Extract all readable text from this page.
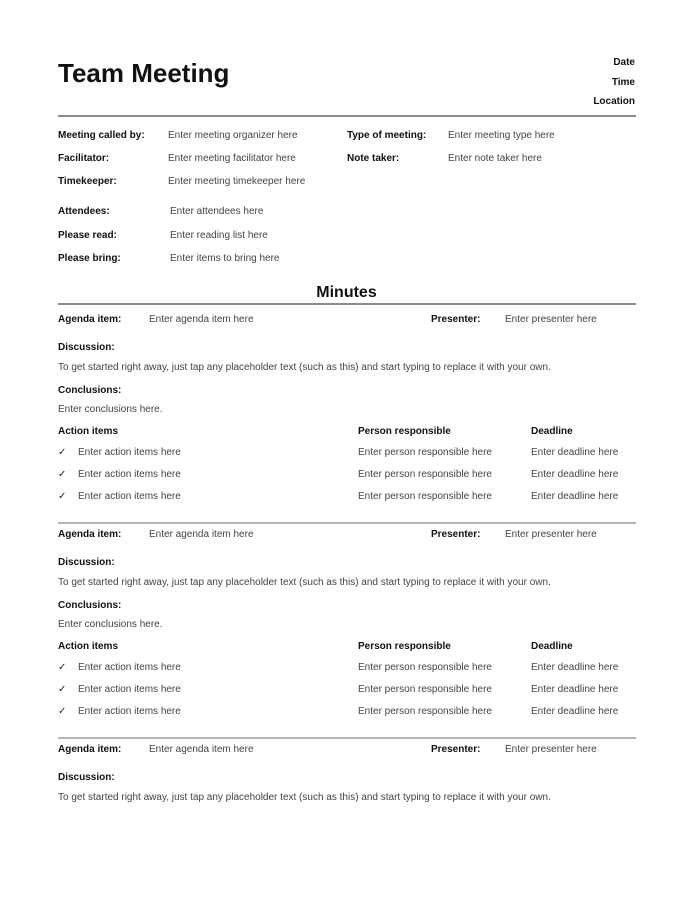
Team Meeting	Date
Time
Location
Meeting called by: Enter meeting organizer here	Type of meeting: Enter meeting type here
Facilitator:	Enter meeting facilitator here	Note taker:	Enter note taker here
Timekeeper:	Enter meeting timekeeper here
Attendees:	Enter attendees here
Please read:	Enter reading list here
Please bring:	Enter items to bring here
Minutes
Agenda item:	Enter agenda item here	Presenter: Enter presenter here
Discussion:
To get started right away, just tap any placeholder text (such as this) and start typing to replace it with your own.
Conclusions:
Enter conclusions here.
Action items	Person responsible	Deadline
✓ Enter action items here	Enter person responsible here	Enter deadline here
✓ Enter action items here	Enter person responsible here	Enter deadline here
✓ Enter action items here	Enter person responsible here	Enter deadline here
Agenda item:	Enter agenda item here	Presenter: Enter presenter here
Discussion:
To get started right away, just tap any placeholder text (such as this) and start typing to replace it with your own.
Conclusions:
Enter conclusions here.
Action items	Person responsible	Deadline
✓ Enter action items here	Enter person responsible here	Enter deadline here
✓ Enter action items here	Enter person responsible here	Enter deadline here
✓ Enter action items here	Enter person responsible here	Enter deadline here
Agenda item:	Enter agenda item here	Presenter: Enter presenter here
Discussion:
To get started right away, just tap any placeholder text (such as this) and start typing to replace it with your own.
